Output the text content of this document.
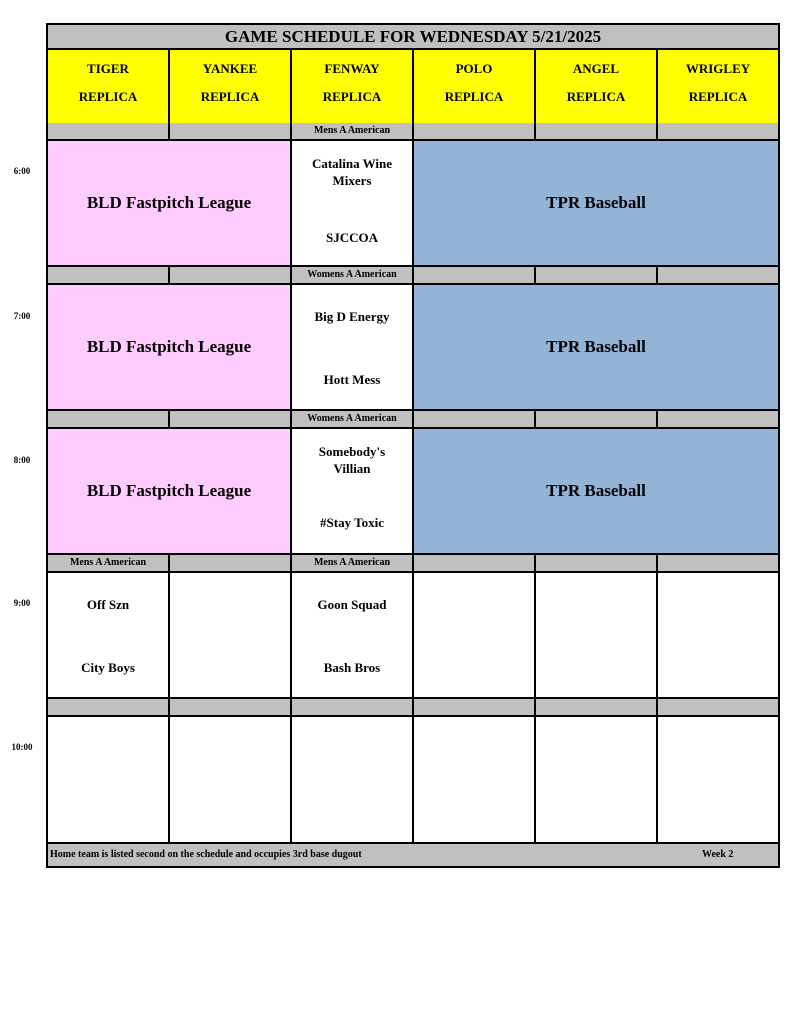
6:00
7:00
8:00
9:00
10:00
GAME SCHEDULE FOR WEDNESDAY 5/21/2025
TIGER
REPLICA
YANKEE
REPLICA
FENWAY
REPLICA
POLO
REPLICA
ANGEL
REPLICA
WRIGLEY
REPLICA
Mens A American
BLD Fastpitch League
Catalina Wine Mixers
SJCCOA
TPR Baseball
Womens A American
BLD Fastpitch League
Big D Energy
Hott Mess
TPR Baseball
Womens A American
BLD Fastpitch League
Somebody's Villian
#Stay Toxic
TPR Baseball
Mens A American	Mens A American
Off Szn
City Boys
Goon Squad
Bash Bros
Home team is listed second on the schedule and occupies 3rd base dugout	Week 2
